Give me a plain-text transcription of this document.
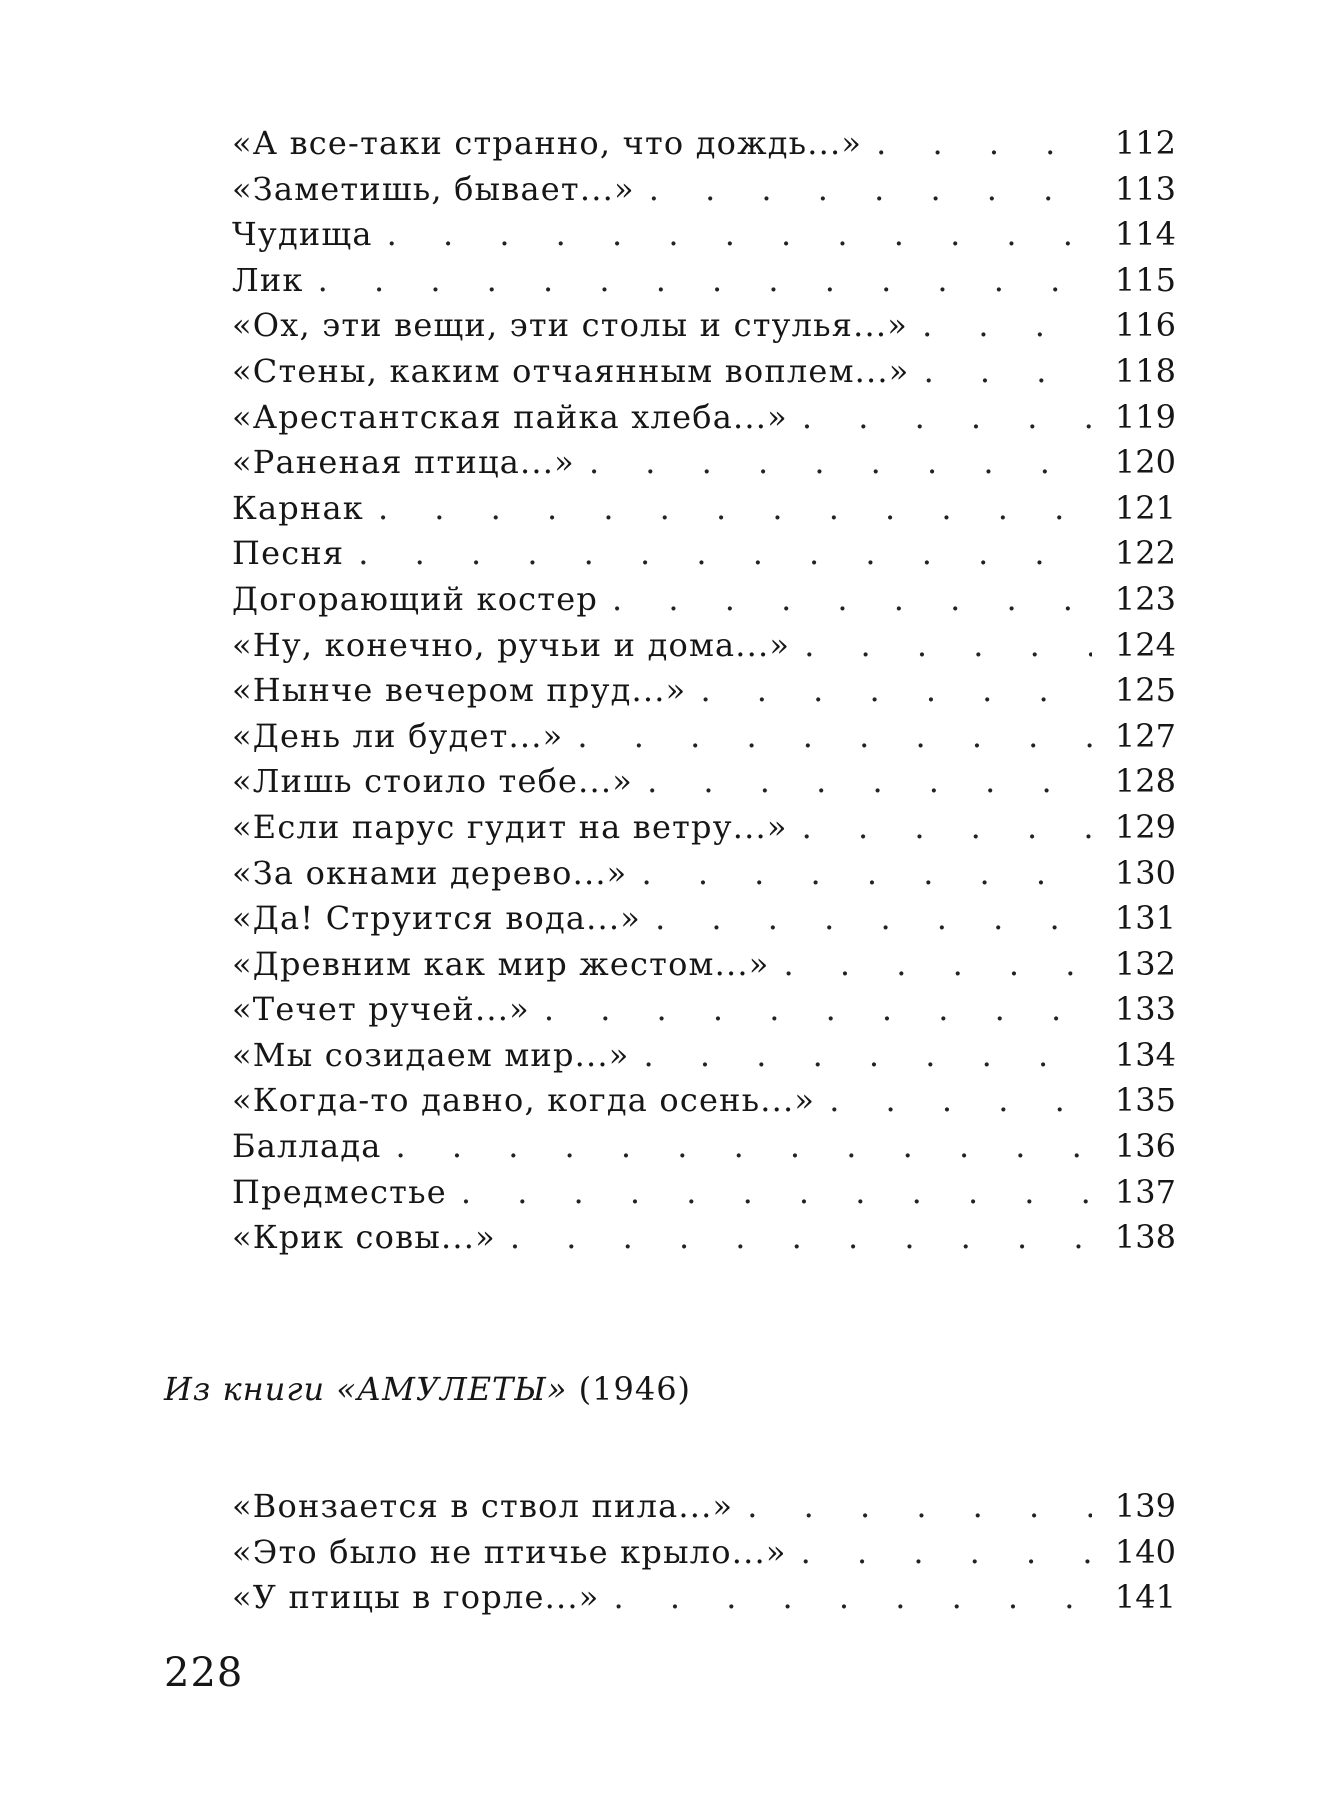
«А все-таки странно, что дождь...» . . .	112
«Заметишь, бывает...» . . .	113
Чудища . . .	114
Лик . . .	115
«Ох, эти вещи, эти столы и стулья...» . . .	116
«Стены, каким отчаянным воплем...» . . .	118
«Арестантская пайка хлеба...» . . .	119
«Раненая птица...» . . .	120
Карнак . . .	121
Песня . . .	122
Догорающий костер . . .	123
«Ну, конечно, ручьи и дома...» . . .	124
«Нынче вечером пруд...» . . .	125
«День ли будет...» . . .	127
«Лишь стоило тебе...» . . .	128
«Если парус гудит на ветру...» . . .	129
«За окнами дерево...» . . .	130
«Да! Струится вода...» . . .	131
«Древним как мир жестом...» . . .	132
«Течет ручей...» . . .	133
«Мы созидаем мир...» . . .	134
«Когда-то давно, когда осень...» . . .	135
Баллада . . .	136
Предместье . . .	137
«Крик совы...» . . .	138
Из книги «АМУЛЕТЫ» (1946)
«Вонзается в ствол пила...» . . .	139
«Это было не птичье крыло...» . . .	140
«У птицы в горле...» . . .	141
228
